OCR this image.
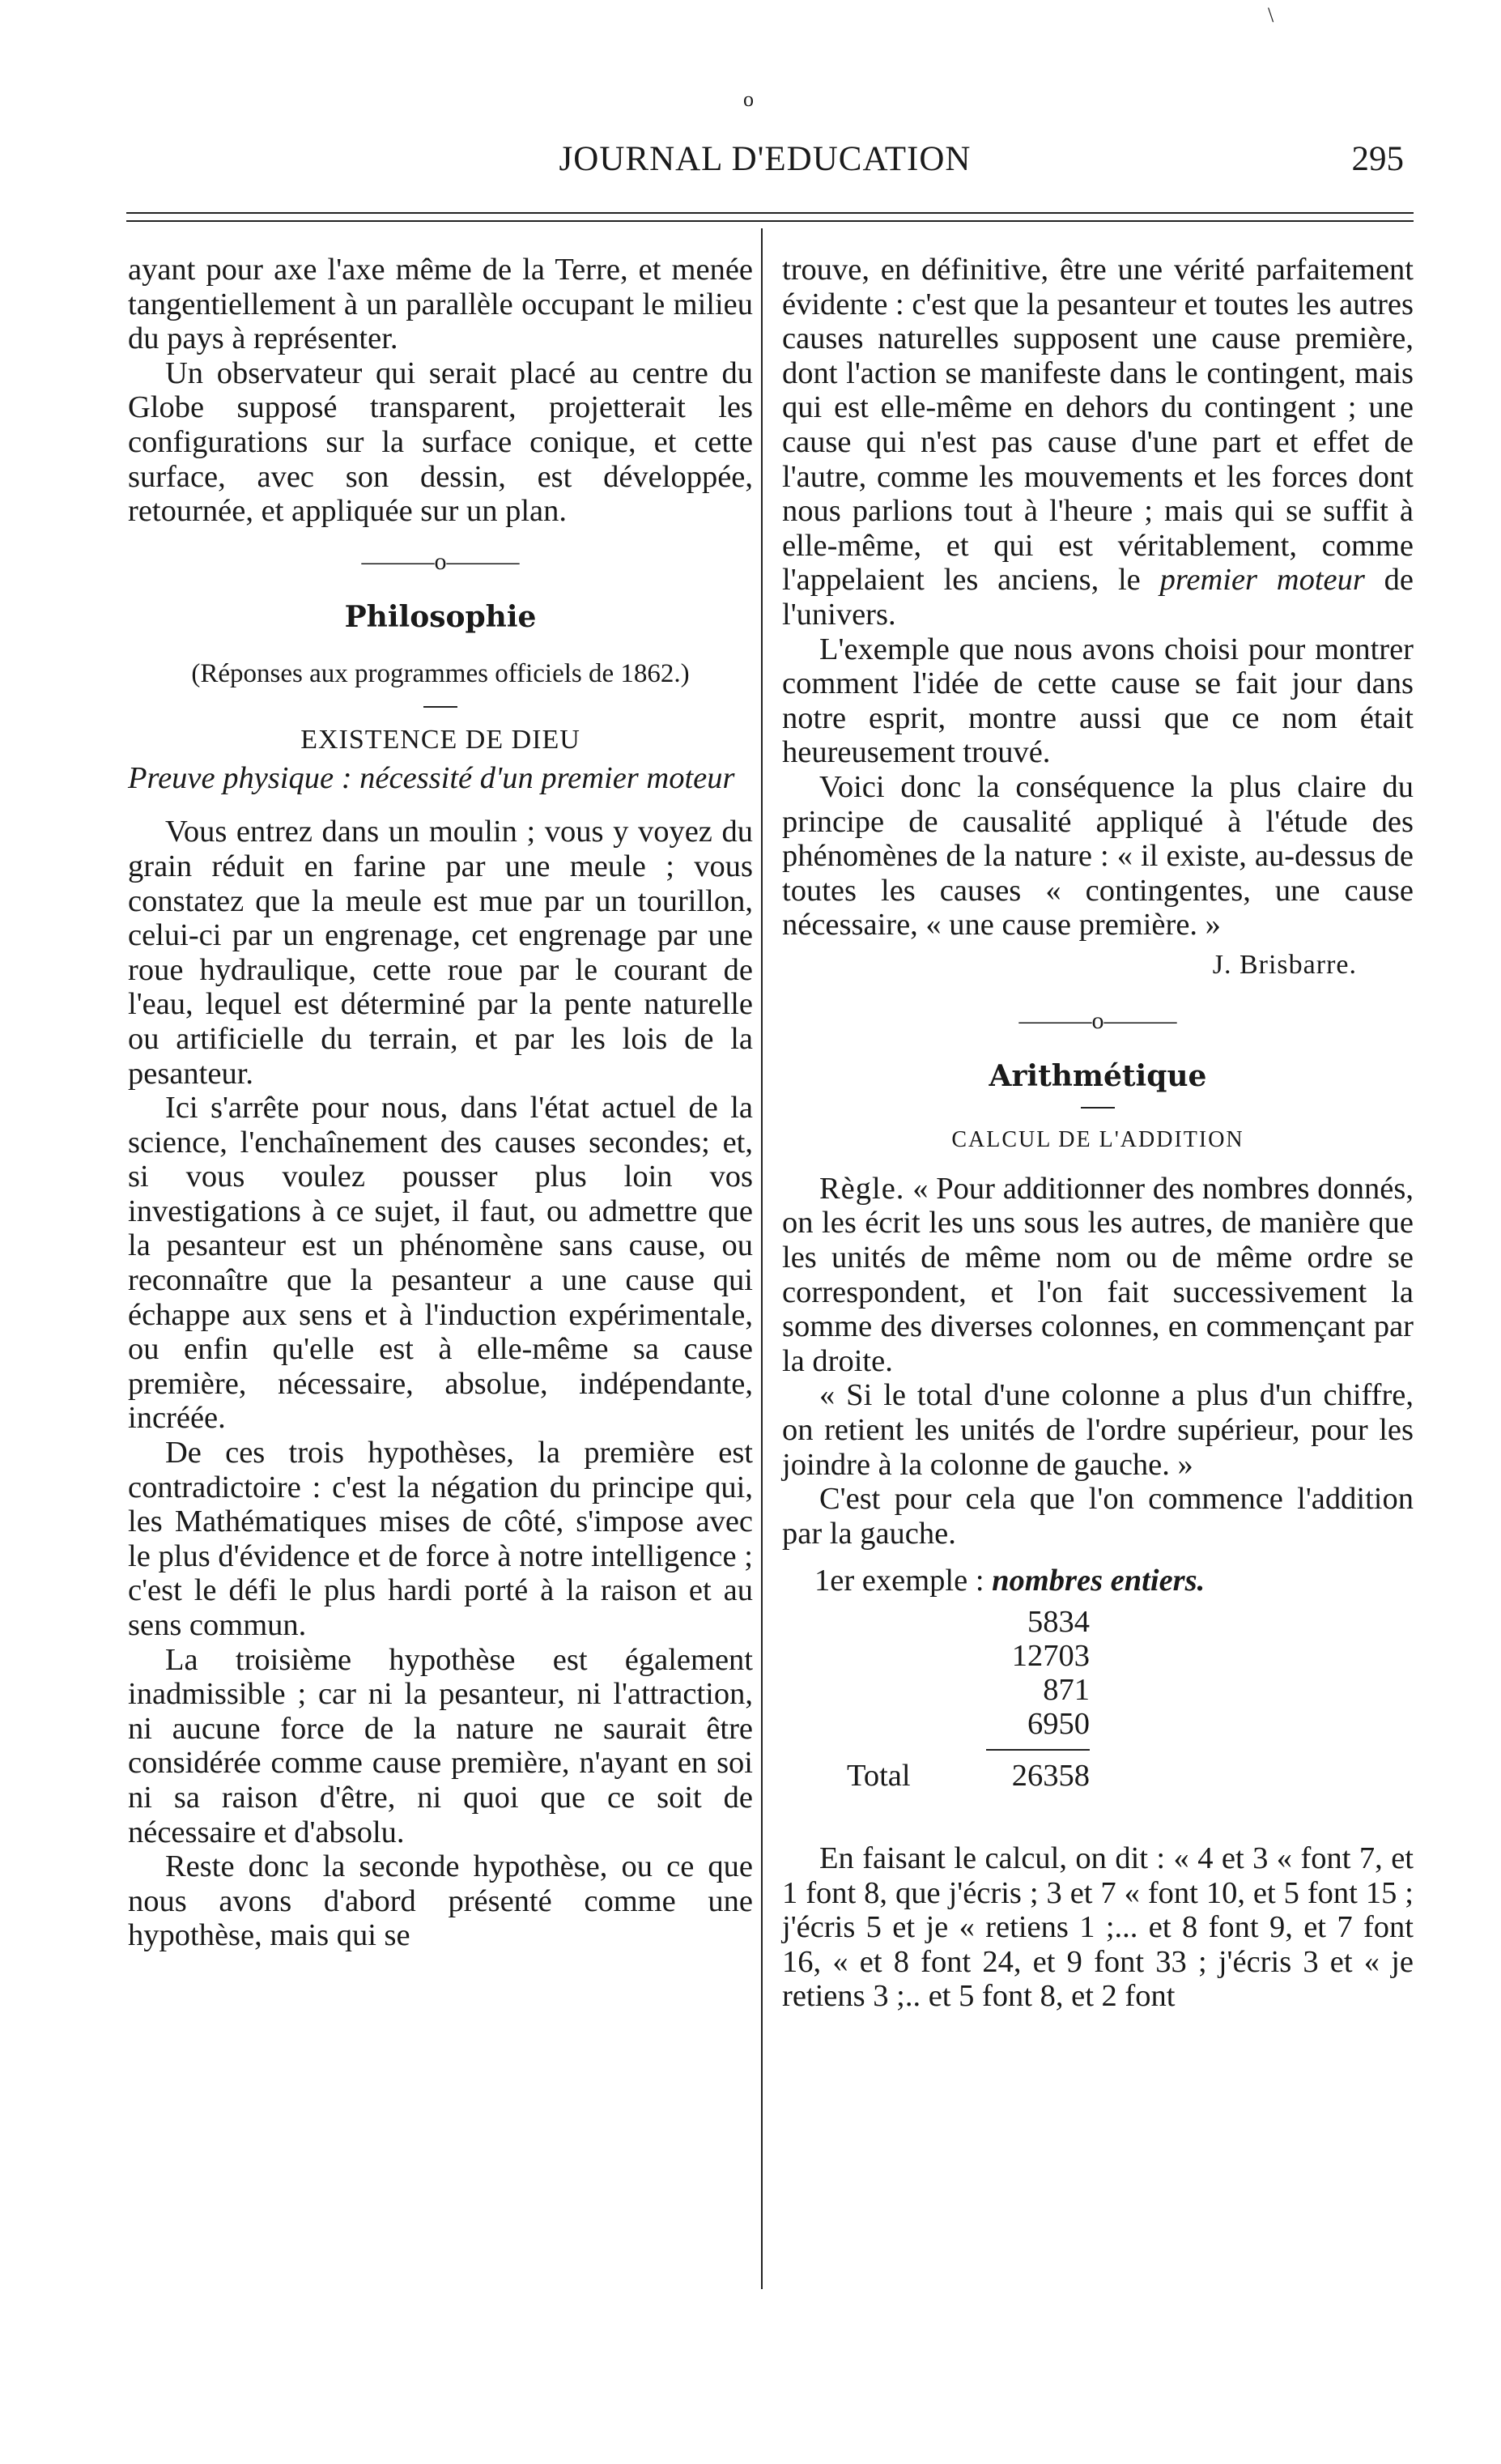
o
\
JOURNAL D'EDUCATION	295

ayant pour axe l'axe même de la Terre, et menée tangentiellement à un parallèle occupant le milieu du pays à représenter.

Un observateur qui serait placé au centre du Globe supposé transparent, projetterait les configurations sur la surface conique, et cette surface, avec son dessin, est développée, retournée, et appliquée sur un plan.

———o———
Philosophie
(Réponses aux programmes officiels de 1862.)
EXISTENCE DE DIEU

Preuve physique : nécessité d'un premier moteur

Vous entrez dans un moulin ; vous y voyez du grain réduit en farine par une meule ; vous constatez que la meule est mue par un tourillon, celui-ci par un engrenage, cet engrenage par une roue hydraulique, cette roue par le courant de l'eau, lequel est déterminé par la pente naturelle ou artificielle du terrain, et par les lois de la pesanteur.

Ici s'arrête pour nous, dans l'état actuel de la science, l'enchaînement des causes secondes; et, si vous voulez pousser plus loin vos investigations à ce sujet, il faut, ou admettre que la pesanteur est un phénomène sans cause, ou reconnaître que la pesanteur a une cause qui échappe aux sens et à l'induction expérimentale, ou enfin qu'elle est à elle-même sa cause première, nécessaire, absolue, indépendante, incréée.

De ces trois hypothèses, la première est contradictoire : c'est la négation du principe qui, les Mathématiques mises de côté, s'impose avec le plus d'évidence et de force à notre intelligence ; c'est le défi le plus hardi porté à la raison et au sens commun.

La troisième hypothèse est également inadmissible ; car ni la pesanteur, ni l'attraction, ni aucune force de la nature ne saurait être considérée comme cause première, n'ayant en soi ni sa raison d'être, ni quoi que ce soit de nécessaire et d'absolu.

Reste donc la seconde hypothèse, ou ce que nous avons d'abord présenté comme une hypothèse, mais qui se

trouve, en définitive, être une vérité parfaitement évidente : c'est que la pesanteur et toutes les autres causes naturelles supposent une cause première, dont l'action se manifeste dans le contingent, mais qui est elle-même en dehors du contingent ; une cause qui n'est pas cause d'une part et effet de l'autre, comme les mouvements et les forces dont nous parlions tout à l'heure ; mais qui se suffit à elle-même, et qui est véritablement, comme l'appelaient les anciens, le premier moteur de l'univers.

L'exemple que nous avons choisi pour montrer comment l'idée de cette cause se fait jour dans notre esprit, montre aussi que ce nom était heureusement trouvé.

Voici donc la conséquence la plus claire du principe de causalité appliqué à l'étude des phénomènes de la nature : « il existe, au-dessus de toutes les causes « contingentes, une cause nécessaire, « une cause première. »

J. Brisbarre.
———o———
Arithmétique
CALCUL DE L'ADDITION

Règle. « Pour additionner des nombres donnés, on les écrit les uns sous les autres, de manière que les unités de même nom ou de même ordre se correspondent, et l'on fait successivement la somme des diverses colonnes, en commençant par la droite.

« Si le total d'une colonne a plus d'un chiffre, on retient les unités de l'ordre supérieur, pour les joindre à la colonne de gauche. »

C'est pour cela que l'on commence l'addition par la gauche.

1er exemple : nombres entiers.

5834
12703
871
6950
Total	26358

En faisant le calcul, on dit : « 4 et 3 « font 7, et 1 font 8, que j'écris ; 3 et 7 « font 10, et 5 font 15 ; j'écris 5 et je « retiens 1 ;... et 8 font 9, et 7 font 16, « et 8 font 24, et 9 font 33 ; j'écris 3 et « je retiens 3 ;.. et 5 font 8, et 2 font
